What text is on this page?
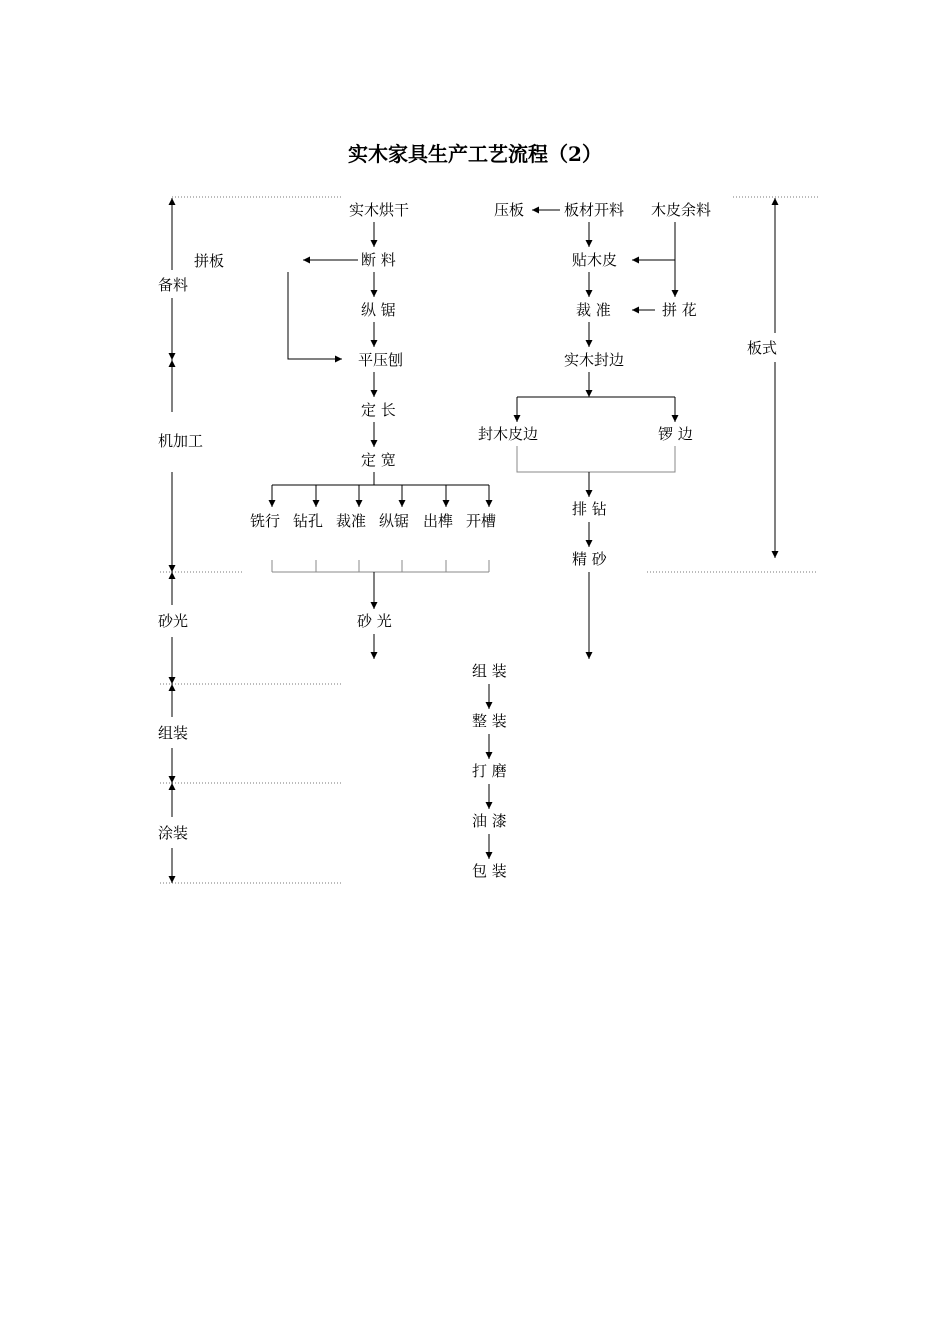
实木家具生产工艺流程（2）
备料
机加工
砂光
组装
涂装
板式
实木烘干
断 料
拼板
纵 锯
平压刨
定 长
定 宽
铣行 钻孔 裁准 纵锯 出榫 开槽
砂 光
压板	板材开料 木皮余料
贴木皮
裁 准	拼 花
实木封边
封木皮边	锣 边
排 钻
精 砂
组 装
整 装
打 磨
油 漆
包 装
